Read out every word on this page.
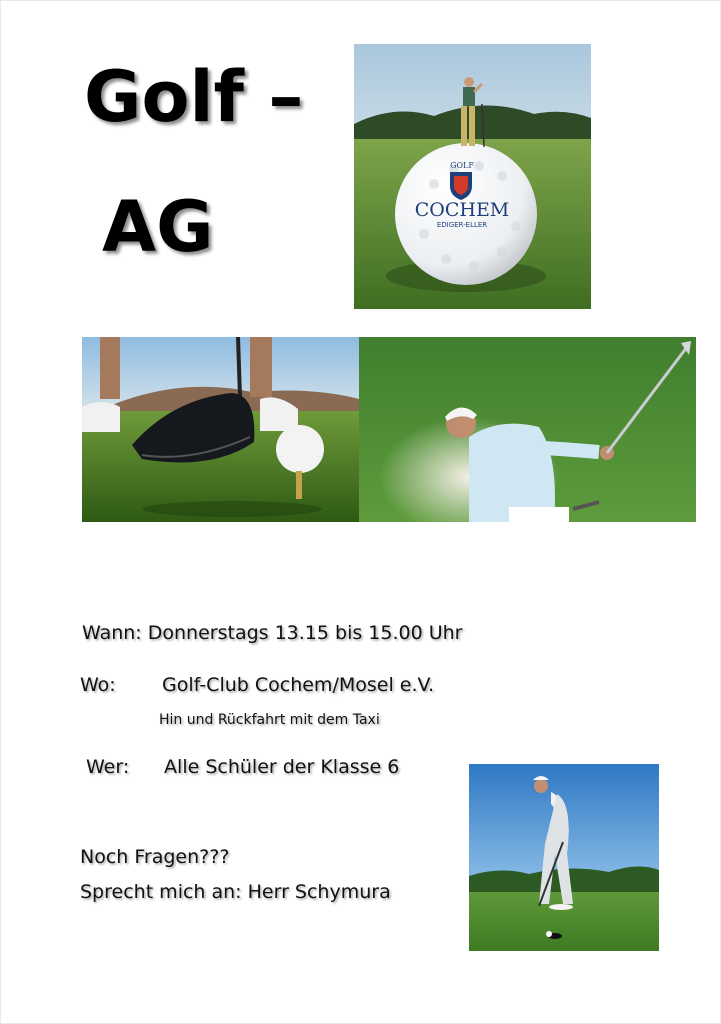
Golf –
AG
GOLF
COCHEM
EDIGER-ELLER
Wann: Donnerstags 13.15 bis 15.00 Uhr
Wo: Golf-Club Cochem/Mosel e.V.
Hin und Rückfahrt mit dem Taxi
Wer: Alle Schüler der Klasse 6
Noch Fragen???
Sprecht mich an: Herr Schymura
